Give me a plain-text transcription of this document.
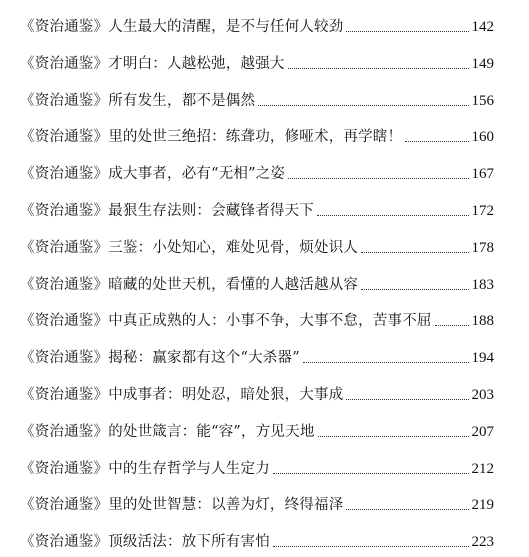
《资治通鉴》人生最大的清醒，是不与任何人较劲	142
《资治通鉴》才明白：人越松弛，越强大	149
《资治通鉴》所有发生，都不是偶然	156
《资治通鉴》里的处世三绝招：练聋功，修哑术，再学瞎！	160
《资治通鉴》成大事者，必有“无相”之姿	167
《资治通鉴》最狠生存法则：会藏锋者得天下	172
《资治通鉴》三鉴：小处知心，难处见骨，烦处识人	178
《资治通鉴》暗藏的处世天机，看懂的人越活越从容	183
《资治通鉴》中真正成熟的人：小事不争，大事不怠，苦事不屈	188
《资治通鉴》揭秘：赢家都有这个“大杀器”	194
《资治通鉴》中成事者：明处忍，暗处狠，大事成	203
《资治通鉴》的处世箴言：能“容”，方见天地	207
《资治通鉴》中的生存哲学与人生定力	212
《资治通鉴》里的处世智慧：以善为灯，终得福泽	219
《资治通鉴》顶级活法：放下所有害怕	223
